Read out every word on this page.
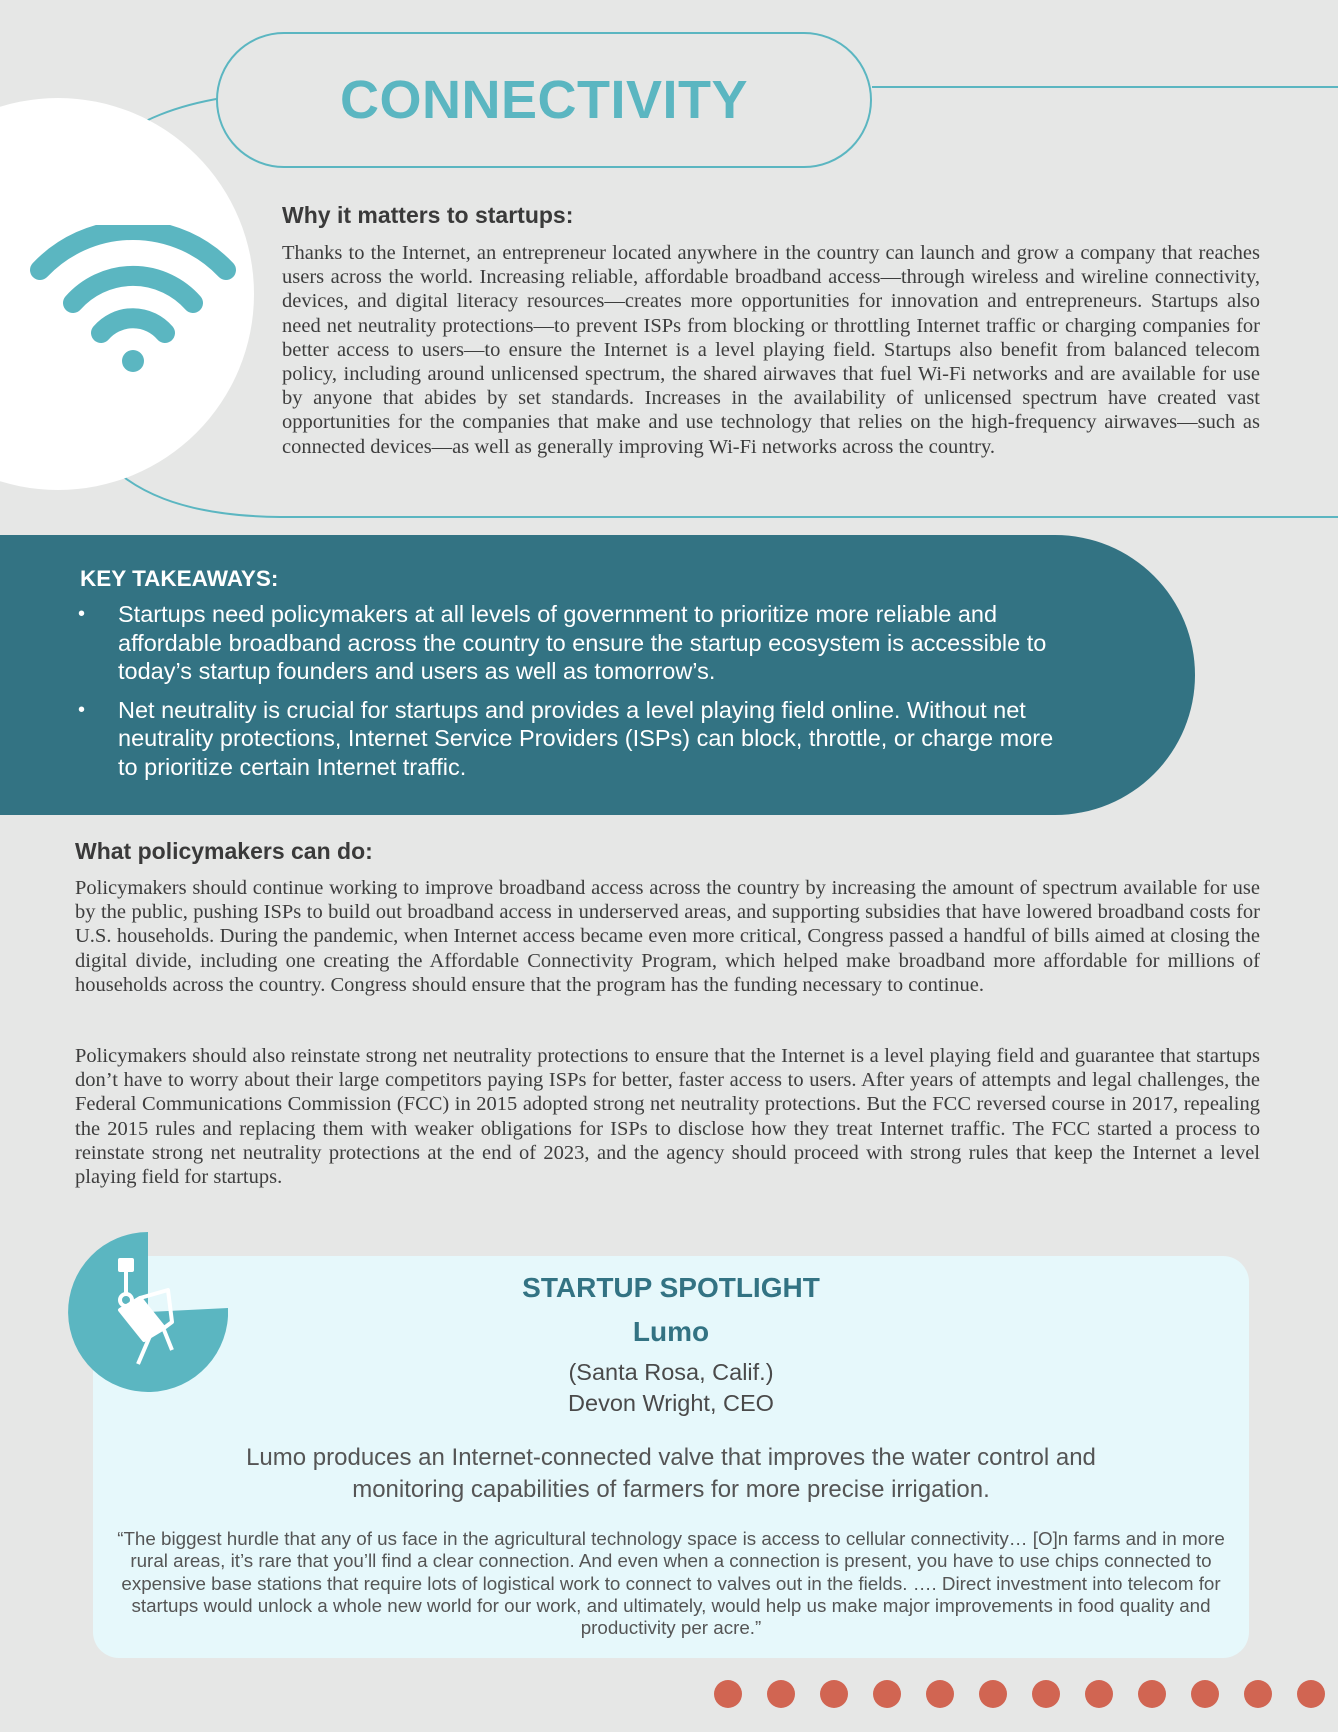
CONNECTIVITY
Why it matters to startups:

Thanks to the Internet, an entrepreneur located anywhere in the country can launch and grow a company that reaches users across the world. Increasing reliable, affordable broadband access—through wireless and wireline connectivity, devices, and digital literacy resources—creates more opportunities for innovation and entrepreneurs. Startups also need net neutrality protections—to prevent ISPs from blocking or throttling Internet traffic or charging companies for better access to users—to ensure the Internet is a level playing field. Startups also benefit from balanced telecom policy, including around unlicensed spectrum, the shared airwaves that fuel Wi-Fi networks and are available for use by anyone that abides by set standards. Increases in the availability of unlicensed spectrum have created vast opportunities for the companies that make and use technology that relies on the high-frequency airwaves—such as connected devices—as well as generally improving Wi-Fi networks across the country.

KEY TAKEAWAYS:
• Startups need policymakers at all levels of government to prioritize more reliable and affordable broadband across the country to ensure the startup ecosystem is accessible to today’s startup founders and users as well as tomorrow’s.
• Net neutrality is crucial for startups and provides a level playing field online. Without net neutrality protections, Internet Service Providers (ISPs) can block, throttle, or charge more to prioritize certain Internet traffic.
What policymakers can do:

Policymakers should continue working to improve broadband access across the country by increasing the amount of spectrum available for use by the public, pushing ISPs to build out broadband access in underserved areas, and supporting subsidies that have lowered broadband costs for U.S. households. During the pandemic, when Internet access became even more critical, Congress passed a handful of bills aimed at closing the digital divide, including one creating the Affordable Connectivity Program, which helped make broadband more affordable for millions of households across the country. Congress should ensure that the program has the funding necessary to continue.

Policymakers should also reinstate strong net neutrality protections to ensure that the Internet is a level playing field and guarantee that startups don’t have to worry about their large competitors paying ISPs for better, faster access to users. After years of attempts and legal challenges, the Federal Communications Commission (FCC) in 2015 adopted strong net neutrality protections. But the FCC reversed course in 2017, repealing the 2015 rules and replacing them with weaker obligations for ISPs to disclose how they treat Internet traffic. The FCC started a process to reinstate strong net neutrality protections at the end of 2023, and the agency should proceed with strong rules that keep the Internet a level playing field for startups.

STARTUP SPOTLIGHT
Lumo
(Santa Rosa, Calif.)
Devon Wright, CEO
Lumo produces an Internet-connected valve that improves the water control and monitoring capabilities of farmers for more precise irrigation.
“The biggest hurdle that any of us face in the agricultural technology space is access to cellular connectivity… [O]n farms and in more rural areas, it’s rare that you’ll find a clear connection. And even when a connection is present, you have to use chips connected to expensive base stations that require lots of logistical work to connect to valves out in the fields. …. Direct investment into telecom for startups would unlock a whole new world for our work, and ultimately, would help us make major improvements in food quality and productivity per acre.”
